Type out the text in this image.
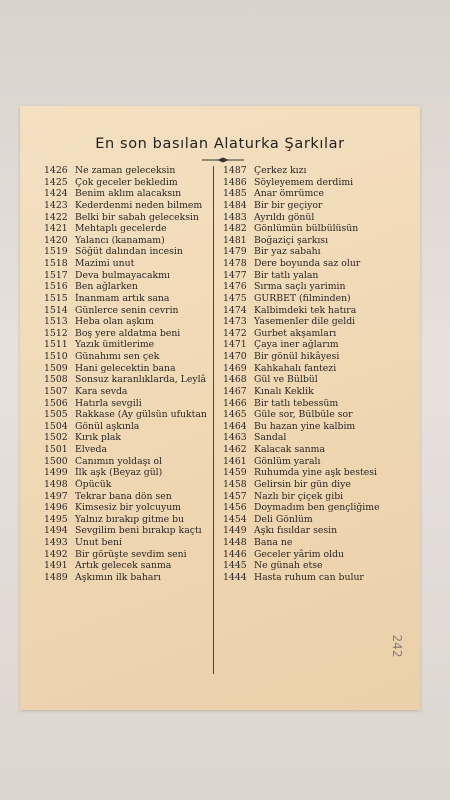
En son basılan Alaturka Şarkılar
1426 Ne zaman geleceksin
1425 Çok geceler bekledim
1424 Benim aklım alacaksın
1423 Kederdenmi neden bilmem
1422 Belki bir sabah geleceksin
1421 Mehtaplı gecelerde
1420 Yalancı (kanamam)
1519 Söğüt dalından incesin
1518 Mazimi unut
1517 Deva bulmayacakmı
1516 Ben ağlarken
1515 İnanmam artık sana
1514 Günlerce senin cevrin
1513 Heba olan aşkım
1512 Boş yere aldatma beni
1511 Yazık ümitlerime
1510 Günahımı sen çek
1509 Hani gelecektin bana
1508 Sonsuz karanlıklarda, Leylâ
1507 Kara sevda
1506 Hatırla sevgili
1505 Rakkase (Ay gülsün ufuktan
1504 Gönül aşkınla
1502 Kırık plak
1501 Elveda
1500 Canımın yoldaşı ol
1499 İlk aşk (Beyaz gül)
1498 Öpücük
1497 Tekrar bana dön sen
1496 Kimsesiz bir yolcuyum
1495 Yalnız bırakıp gitme bu
1494 Sevgilim beni bırakıp kaçtı
1493 Unut beni
1492 Bir görüşte sevdim seni
1491 Artık gelecek sanma
1489 Aşkımın ilk baharı
1487 Çerkez kızı
1486 Söyleyemem derdimi
1485 Anar ömrümce
1484 Bir bir geçiyor
1483 Ayrıldı gönül
1482 Gönlümün bülbülüsün
1481 Boğaziçi şarkısı
1479 Bir yaz sabahı
1478 Dere boyunda saz olur
1477 Bir tatlı yalan
1476 Sırma saçlı yarimin
1475 GURBET (filminden)
1474 Kalbimdeki tek hatıra
1473 Yasemenler dile geldi
1472 Gurbet akşamları
1471 Çaya iner ağlarım
1470 Bir gönül hikâyesi
1469 Kahkahalı fantezi
1468 Gül ve Bülbül
1467 Kınalı Keklik
1466 Bir tatlı tebessüm
1465 Güle sor, Bülbüle sor
1464 Bu hazan yine kalbim
1463 Sandal
1462 Kalacak sanma
1461 Gönlüm yaralı
1459 Ruhumda yine aşk bestesi
1458 Gelirsin bir gün diye
1457 Nazlı bir çiçek gibi
1456 Doymadım ben gençliğime
1454 Deli Gönlüm
1449 Aşkı fısıldar sesin
1448 Bana ne
1446 Geceler yârim oldu
1445 Ne günah etse
1444 Hasta ruhum can bulur
242
